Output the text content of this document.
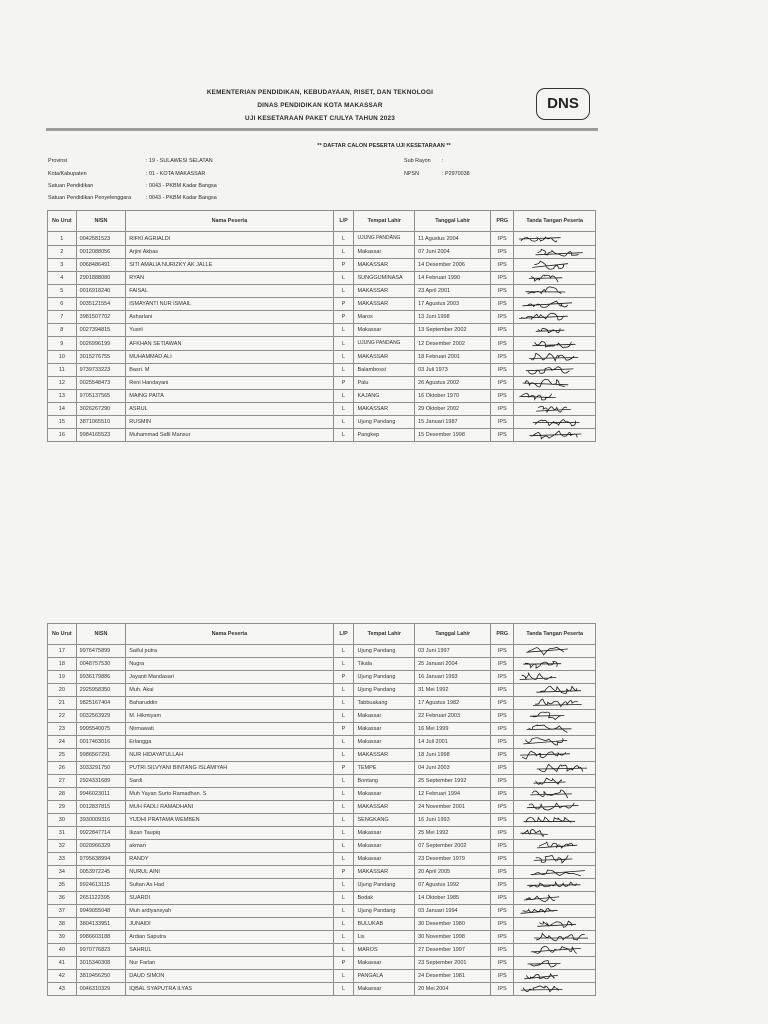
KEMENTERIAN PENDIDIKAN, KEBUDAYAAN, RISET, DAN TEKNOLOGI
DINAS PENDIDIKAN KOTA MAKASSAR
UJI KESETARAAN PAKET C/ULYA TAHUN 2023
DNS
** DAFTAR CALON PESERTA UJI KESETARAAN **
Provinsi	: 19 - SULAWESI SELATAN
Kota/Kabupaten	: 01 - KOTA MAKASSAR
Satuan Pendidikan	: 0043 - PKBM Kadar Bangsa
Satuan Pendidikan Penyelenggara	: 0043 - PKBM Kadar Bangsa
Sub Rayon :
NPSN	: P2970038
No Urut	NISN	Nama Peserta	L/P	Tempat Lahir	Tanggal Lahir	PRG	Tanda Tangan Peserta
1	0042581523	RIFKI AGRIALDI	L	UJUNG PANDANG	11 Agustus 2004	IPS	

2	0012088056	Arjini Akbas	L	Makassar	07 Juni 2004	IPS	

3	0068486491	SITI AMALIA NURIZKY AK JALLE	P	MAKASSAR	14 Desember 2006	IPS	

4	2901888080	RYAN	L	SUNGGUMINASA	14 Februari 1990	IPS	

5	0016918240	FAISAL	L	MAKASSAR	23 April 2001	IPS	

6	0035121554	ISMAYANTI NUR ISMAIL	P	MAKASSAR	17 Agustus 2003	IPS	

7	3981507702	Asharlani	P	Maros	13 Juni 1998	IPS	

8	0027394815	Yusril	L	Makassar	13 September 2002	IPS	

9	0026996199	AFKHAN SETIAWAN	L	UJUNG PANDANG	12 Desember 2002	IPS	

10	3015276755	MUHAMMAD ALI	L	MAKASSAR	18 Februari 2001	IPS	

11	9739733223	Basri. M	L	Balambossi	03 Juli 1973	IPS	

12	0025548473	Reni Handayani	P	Palu	26 Agustus 2002	IPS	

13	9705137565	MAING PAITA	L	KAJANG	16 Oktober 1970	IPS	

14	3026267290	ASRUL	L	MAKASSAR	29 Oktober 2002	IPS	

15	3871065510	RUSMIN	L	Ujung Pandang	15 Januari 1987	IPS	

16	9984165523	Muhammad Safil Mansur	L	Pangkep	15 Desember 1998	IPS	
No Urut	NISN	Nama Peserta	L/P	Tempat Lahir	Tanggal Lahir	PRG	Tanda Tangan Peserta
17	9976475899	Saiful putra	L	Ujung Pandang	03 Juni 1997	IPS	

18	0048757530	Nugra	L	Tikala	25 Januari 2004	IPS	

19	9936179886	Jayanti Mandasari	P	Ujung Pandang	16 Januari 1993	IPS	

20	2925958350	Muh. Akai	L	Ujung Pandang	31 Mei 1992	IPS	

21	9825167404	Baharuddin	L	Tabbuakang	17 Agustus 1982	IPS	

22	0032563929	M. Hikmiyam	L	Makassar	22 Februari 2003	IPS	

23	9995540075	Nirmawati	P	Makassar	16 Mei 1999	IPS	

24	0017463016	Erlangga	L	Makassar	14 Juli 2001	IPS	

25	9986567291	NUR HIDAYATULLAH	L	MAKASSAR	18 Juni 1998	IPS	

26	3033291750	PUTRI SILVYANI BINTANG ISLAMIYAH	P	TEMPE	04 Juni 2003	IPS	

27	2924331689	Sardi	L	Bontang	25 September 1992	IPS	

28	9946023011	Muh Yayan Surto Ramadhan. S	L	Makassar	12 Februari 1994	IPS	

29	0012837815	MUH FADLI RAMADHANI	L	MAKASSAR	24 November 2001	IPS	

30	3930009316	YUDHI PRATAMA WEMBEN	L	SENGKANG	16 Juni 1993	IPS	

31	9922847714	Ikzan Taupiq	L	Makassar	25 Mei 1992	IPS	

32	0020966329	akman	L	Makassar	07 September 2002	IPS	

33	9795638994	RANDY	L	Makassar	23 Desember 1979	IPS	

34	0053972245	NURUL AINI	P	MAKASSAR	20 April 2005	IPS	

35	9924613115	Sultan As Had	L	Ujung Pandang	07 Agustus 1992	IPS	

36	2651122395	SUARDI	L	Bodak	14 Oktober 1985	IPS	

37	9949055048	Muh ardiyansyah	L	Ujung Pandang	03 Januari 1994	IPS	

38	3804133951	JUNAIDI	L	BULUKAB	30 Desember 1980	IPS	

39	9986603188	Ardian Saputra	L	Lis	30 November 1998	IPS	

40	9970776823	SAHRUL	L	MAROS	27 Desember 1997	IPS	

41	3015340308	Nur Farlan	P	Makassar	23 September 2001	IPS	

42	3819456250	DAUD SIMON	L	PANGALA	24 Desember 1981	IPS	

43	0046310329	IQBAL SYAPUTRA ILYAS	L	Makassar	20 Mei 2004	IPS	
